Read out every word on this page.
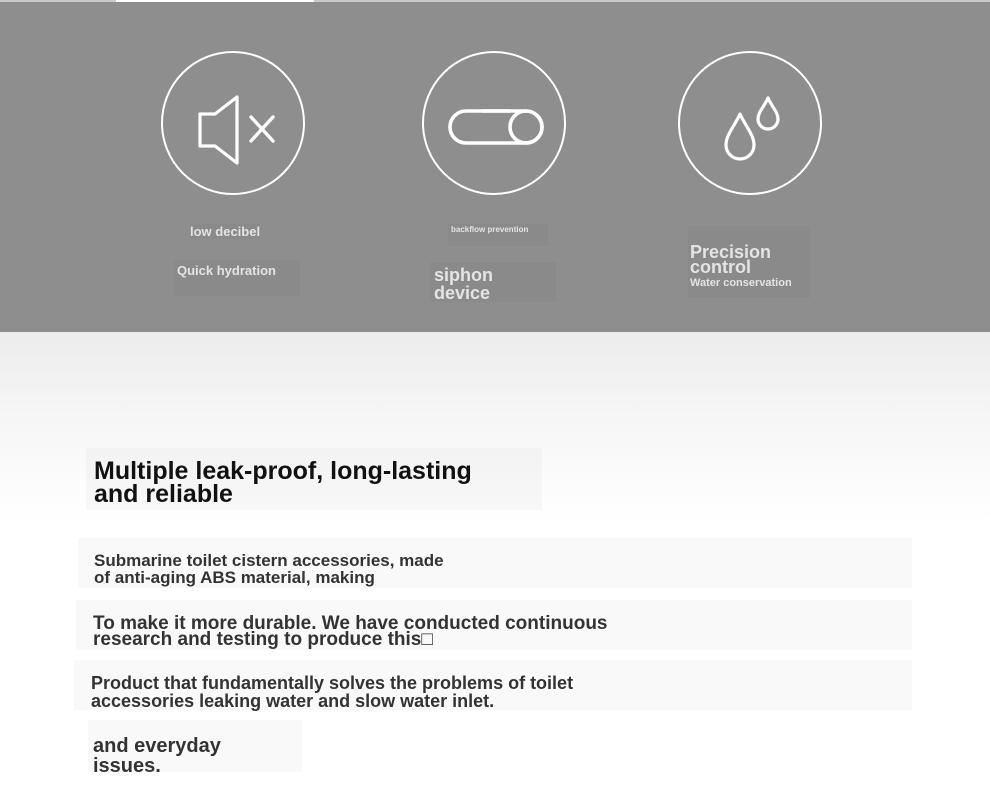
low decibel
Quick hydration
backflow prevention
siphon
device

Precision
control

Water conservation

Multiple leak-proof, long-lasting
and reliable
Submarine toilet cistern accessories, made
of anti-aging ABS material, making
To make it more durable. We have conducted continuous
research and testing to produce this□
Product that fundamentally solves the problems of toilet
accessories leaking water and slow water inlet.
and everyday
issues.
